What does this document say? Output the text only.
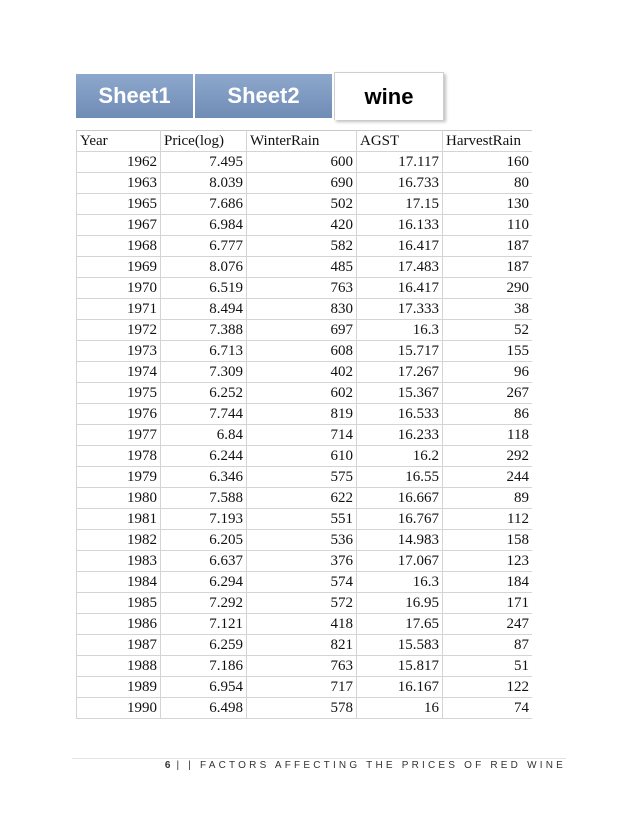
Sheet1	Sheet2	wine
Year	Price(log)	WinterRain	AGST	HarvestRain
1962	7.495	600	17.117	160
1963	8.039	690	16.733	80
1965	7.686	502	17.15	130
1967	6.984	420	16.133	110
1968	6.777	582	16.417	187
1969	8.076	485	17.483	187
1970	6.519	763	16.417	290
1971	8.494	830	17.333	38
1972	7.388	697	16.3	52
1973	6.713	608	15.717	155
1974	7.309	402	17.267	96
1975	6.252	602	15.367	267
1976	7.744	819	16.533	86
1977	6.84	714	16.233	118
1978	6.244	610	16.2	292
1979	6.346	575	16.55	244
1980	7.588	622	16.667	89
1981	7.193	551	16.767	112
1982	6.205	536	14.983	158
1983	6.637	376	17.067	123
1984	6.294	574	16.3	184
1985	7.292	572	16.95	171
1986	7.121	418	17.65	247
1987	6.259	821	15.583	87
1988	7.186	763	15.817	51
1989	6.954	717	16.167	122
1990	6.498	578	16	74
6 | | FACTORS AFFECTING THE PRICES OF RED WINE
